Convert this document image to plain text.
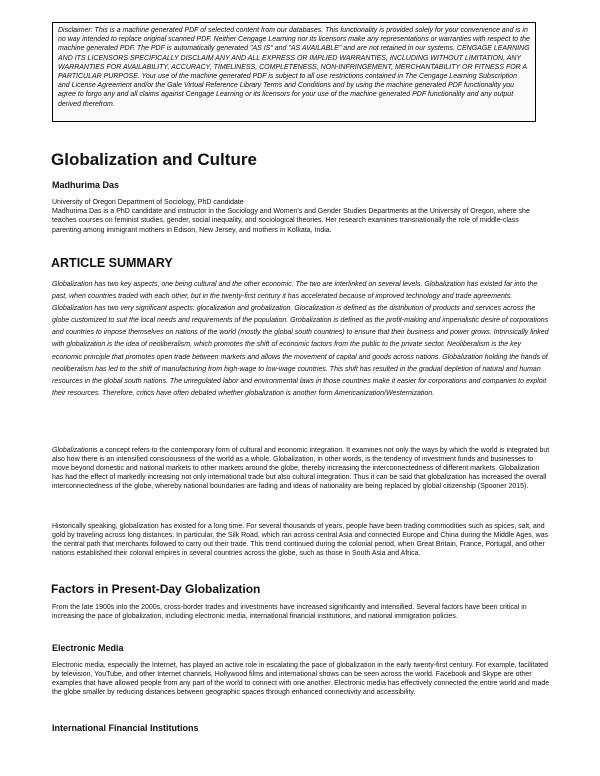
Disclaimer: This is a machine generated PDF of selected content from our databases. This functionality is provided solely for your convenience and is in no way intended to replace original scanned PDF. Neither Cengage Learning nor its licensors make any representations or warranties with respect to the machine generated PDF. The PDF is automatically generated "AS IS" and "AS AVAILABLE" and are not retained in our systems. CENGAGE LEARNING AND ITS LICENSORS SPECIFICALLY DISCLAIM ANY AND ALL EXPRESS OR IMPLIED WARRANTIES, INCLUDING WITHOUT LIMITATION, ANY WARRANTIES FOR AVAILABILITY, ACCURACY, TIMELINESS, COMPLETENESS, NON-INFRINGEMENT, MERCHANTABILITY OR FITNESS FOR A PARTICULAR PURPOSE. Your use of the machine generated PDF is subject to all use restrictions contained in The Cengage Learning Subscription and License Agreement and/or the Gale Virtual Reference Library Terms and Conditions and by using the machine generated PDF functionality you agree to forgo any and all claims against Cengage Learning or its licensors for your use of the machine generated PDF functionality and any output derived therefrom.
Globalization and Culture
Madhurima Das
University of Oregon Department of Sociology, PhD candidate
Madhurima Das is a PhD candidate and instructor in the Sociology and Women's and Gender Studies Departments at the University of Oregon, where she teaches courses on feminist studies, gender, social inequality, and sociological theories. Her research examines transnationally the role of middle-class parenting among immigrant mothers in Edison, New Jersey, and mothers in Kolkata, India.
ARTICLE SUMMARY
Globalization has two key aspects, one being cultural and the other economic. The two are interlinked on several levels. Globalization has existed far into the past, when countries traded with each other, but in the twenty-first century it has accelerated because of improved technology and trade agreements. Globalization has two very significant aspects: glocalization and grobalization. Glocalization is defined as the distribution of products and services across the globe customized to suit the local needs and requirements of the population. Grobalization is defined as the profit-making and imperialistic desire of corporations and countries to impose themselves on nations of the world (mostly the global south countries) to ensure that their business and power grows. Intrinsically linked with globalization is the idea of neoliberalism, which promotes the shift of economic factors from the public to the private sector. Neoliberalism is the key economic principle that promotes open trade between markets and allows the movement of capital and goods across nations. Globalization holding the hands of neoliberalism has led to the shift of manufacturing from high-wage to low-wage countries. This shift has resulted in the gradual depletion of natural and human resources in the global south nations. The unregulated labor and environmental laws in those countries make it easier for corporations and companies to exploit their resources. Therefore, critics have often debated whether globalization is another form Americanization/Westernization.

Globalizationis a concept refers to the contemporary form of cultural and economic integration. It examines not only the ways by which the world is integrated but also how there is an intensified consciousness of the world as a whole. Globalization, in other words, is the tendency of investment funds and businesses to move beyond domestic and national markets to other markets around the globe, thereby increasing the interconnectedness of different markets. Globalization has had the effect of markedly increasing not only international trade but also cultural integration. Thus it can be said that globalization has increased the overall interconnectedness of the globe, whereby national boundaries are fading and ideas of nationality are being replaced by global citizenship (Spooner 2015).

Historically speaking, globalization has existed for a long time. For several thousands of years, people have been trading commodities such as spices, salt, and gold by traveling across long distances. In particular, the Silk Road, which ran across central Asia and connected Europe and China during the Middle Ages, was the central path that merchants followed to carry out their trade. This trend continued during the colonial period, when Great Britain, France, Portugal, and other nations established their colonial empires in several countries across the globe, such as those in South Asia and Africa.

Factors in Present-Day Globalization

From the late 1900s into the 2000s, cross-border trades and investments have increased significantly and intensified. Several factors have been critical in increasing the pace of globalization, including electronic media, international financial institutions, and national immigration policies.

Electronic Media

Electronic media, especially the Internet, has played an active role in escalating the pace of globalization in the early twenty-first century. For example, facilitated by television, YouTube, and other Internet channels, Hollywood films and international shows can be seen across the world. Facebook and Skype are other examples that have allowed people from any part of the world to connect with one another. Electronic media has effectively connected the entire world and made the globe smaller by reducing distances between geographic spaces through enhanced connectivity and accessibility.

International Financial Institutions
